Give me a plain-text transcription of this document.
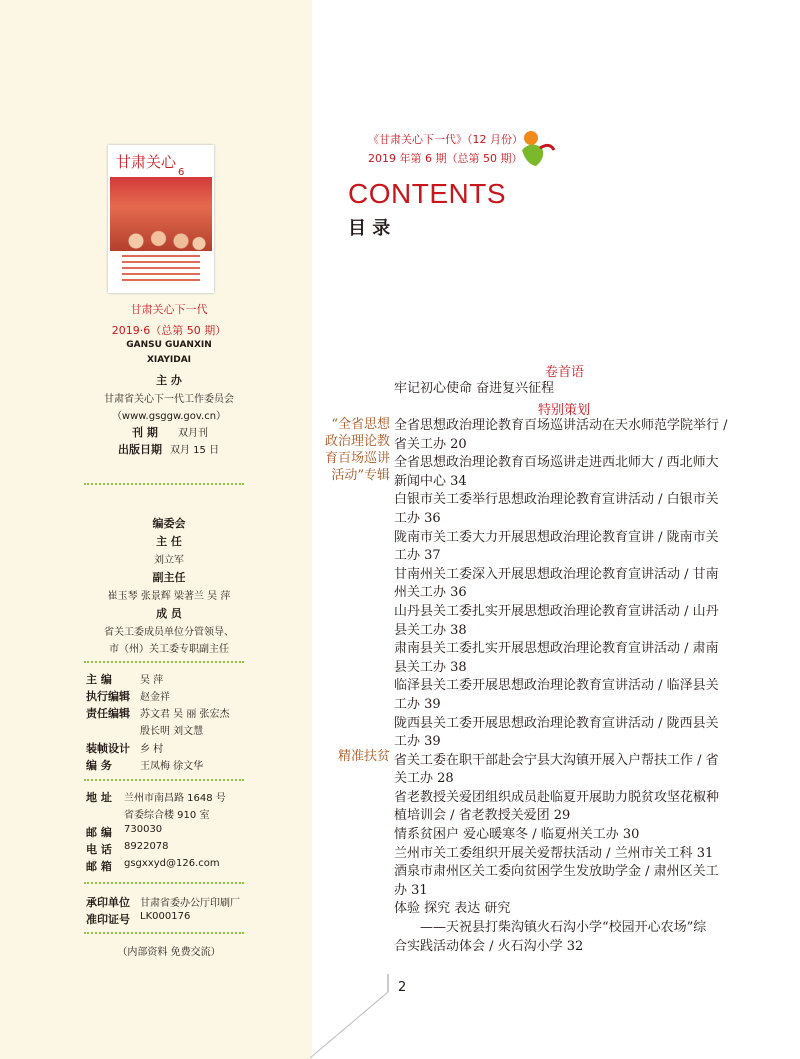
甘肃关心
6
甘肃关心下一代
2019·6（总第 50 期）
GANSU GUANXIN
XIAYIDAI
主 办
甘肃省关心下一代工作委员会
（www.gsggw.gov.cn）
刊 期 双月刊
出版日期 双月 15 日
编委会
主 任
刘立军
副主任
崔玉琴 张景辉 梁著兰 吴 萍
成 员
省关工委成员单位分管领导、
市（州）关工委专职副主任
主 编	吴 萍
执行编辑 赵金祥
责任编辑 苏文君 吴 丽 张宏杰
殷长明 刘文慧
装帧设计 乡 村
编 务	王凤梅 徐文华
地 址 兰州市南昌路 1648 号
省委综合楼 910 室
邮 编 730030
电 话 8922078
邮 箱 gsgxxyd@126.com
承印单位 甘肃省委办公厅印刷厂
准印证号 LK000176
（内部资料 免费交流）
《甘肃关心下一代》（12 月份）
2019 年第 6 期（总第 50 期）
CONTENTS
目 录
卷首语
牢记初心使命 奋进复兴征程
特别策划
“全省思想
政治理论教
育百场巡讲
活动”专辑
精准扶贫
全省思想政治理论教育百场巡讲活动在天水师范学院举行 /
省关工办 20
全省思想政治理论教育百场巡讲走进西北师大 / 西北师大
新闻中心 34
白银市关工委举行思想政治理论教育宣讲活动 / 白银市关
工办 36
陇南市关工委大力开展思想政治理论教育宣讲 / 陇南市关
工办 37
甘南州关工委深入开展思想政治理论教育宣讲活动 / 甘南
州关工办 36
山丹县关工委扎实开展思想政治理论教育宣讲活动 / 山丹
县关工办 38
肃南县关工委扎实开展思想政治理论教育宣讲活动 / 肃南
县关工办 38
临泽县关工委开展思想政治理论教育宣讲活动 / 临泽县关
工办 39
陇西县关工委开展思想政治理论教育宣讲活动 / 陇西县关
工办 39
省关工委在职干部赴会宁县大沟镇开展入户帮扶工作 / 省
关工办 28
省老教授关爱团组织成员赴临夏开展助力脱贫攻坚花椒种
植培训会 / 省老教授关爱团 29
情系贫困户 爱心暖寒冬 / 临夏州关工办 30
兰州市关工委组织开展关爱帮扶活动 / 兰州市关工科 31
酒泉市肃州区关工委向贫困学生发放助学金 / 肃州区关工
办 31
体验 探究 表达 研究
——天祝县打柴沟镇火石沟小学“校园开心农场”综
合实践活动体会 / 火石沟小学 32
2
